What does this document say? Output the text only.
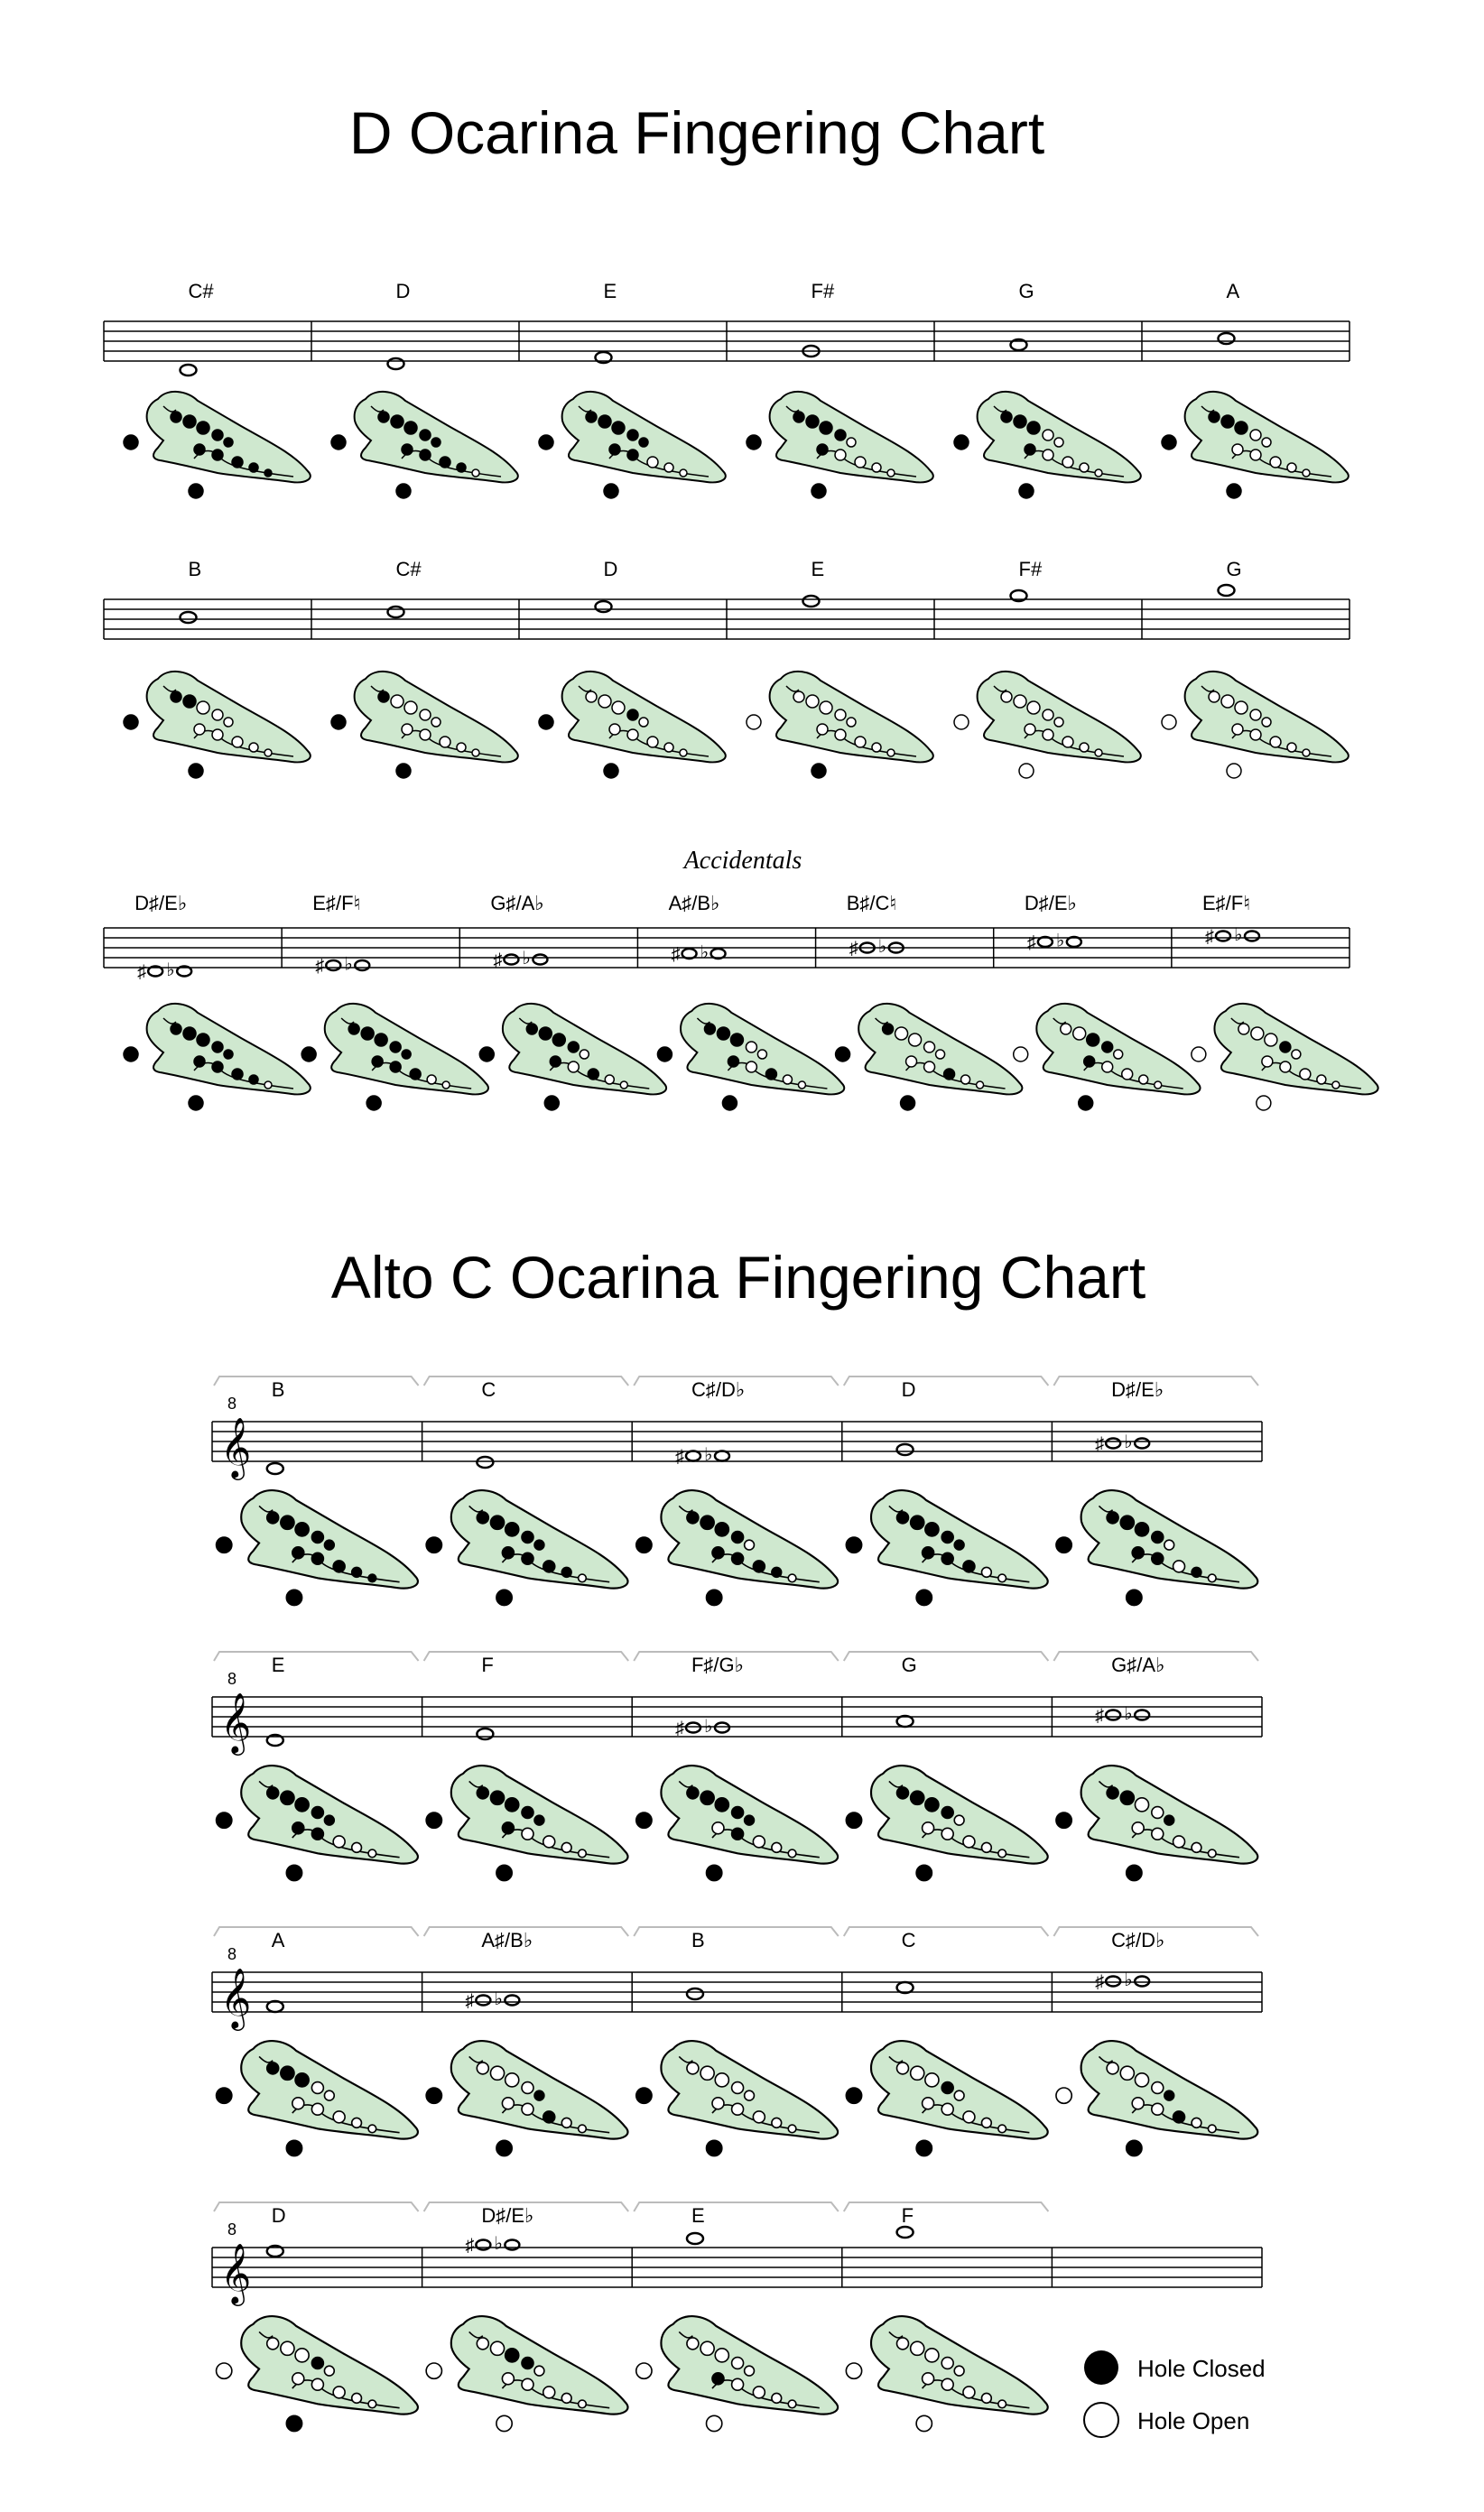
D Ocarina Fingering Chart
Accidentals
Alto C Ocarina Fingering Chart
C#	D	E	F#	G	A
B	C#	D	E	F#	G
D♯/E♭
♯ ♭
E♯/F♮
♯ ♭
G♯/A♭
♯ ♭
A♯/B♭
♯ ♭
B♯/C♮
♯ ♭
D♯/E♭
♯ ♭
E♯/F♮
♯ ♭
8
𝄞
B	C	C♯/D♭
♯ ♭
D	D♯/E♭
♯ ♭
8
𝄞
E	F	F♯/G♭
♯ ♭
G	G♯/A♭
♯ ♭
8
𝄞
A	A♯/B♭
♯ ♭
B	C	C♯/D♭
♯ ♭
8
𝄞
D	D♯/E♭
♯ ♭
E	F
Hole Closed
Hole Open
